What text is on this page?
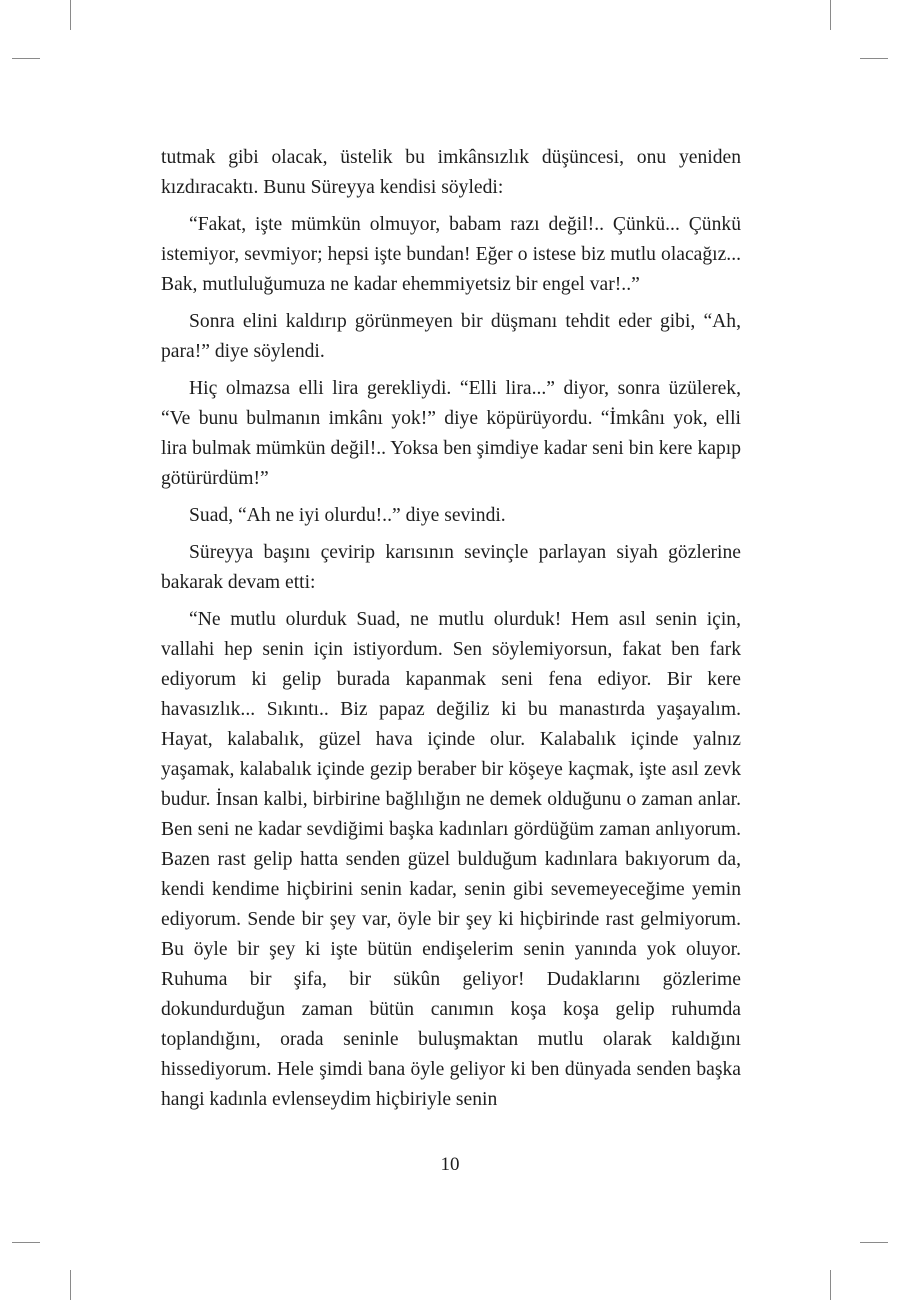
tutmak gibi olacak, üstelik bu imkânsızlık düşüncesi, onu yeniden kızdıracaktı. Bunu Süreyya kendisi söyledi:

“Fakat, işte mümkün olmuyor, babam razı değil!.. Çünkü... Çünkü istemiyor, sevmiyor; hepsi işte bundan! Eğer o istese biz mutlu olacağız... Bak, mutluluğumuza ne kadar ehemmiyetsiz bir engel var!..”

Sonra elini kaldırıp görünmeyen bir düşmanı tehdit eder gibi, “Ah, para!” diye söylendi.

Hiç olmazsa elli lira gerekliydi. “Elli lira...” diyor, sonra üzülerek, “Ve bunu bulmanın imkânı yok!” diye köpürüyordu. “İmkânı yok, elli lira bulmak mümkün değil!.. Yoksa ben şimdiye kadar seni bin kere kapıp götürürdüm!”

Suad, “Ah ne iyi olurdu!..” diye sevindi.

Süreyya başını çevirip karısının sevinçle parlayan siyah gözlerine bakarak devam etti:

“Ne mutlu olurduk Suad, ne mutlu olurduk! Hem asıl senin için, vallahi hep senin için istiyordum. Sen söylemiyorsun, fakat ben fark ediyorum ki gelip burada kapanmak seni fena ediyor. Bir kere havasızlık... Sıkıntı.. Biz papaz değiliz ki bu manastırda yaşayalım. Hayat, kalabalık, güzel hava içinde olur. Kalabalık içinde yalnız yaşamak, kalabalık içinde gezip beraber bir köşeye kaçmak, işte asıl zevk budur. İnsan kalbi, birbirine bağlılığın ne demek olduğunu o zaman anlar. Ben seni ne kadar sevdiğimi başka kadınları gördüğüm zaman anlıyorum. Bazen rast gelip hatta senden güzel bulduğum kadınlara bakıyorum da, kendi kendime hiçbirini senin kadar, senin gibi sevemeyeceğime yemin ediyorum. Sende bir şey var, öyle bir şey ki hiçbirinde rast gelmiyorum. Bu öyle bir şey ki işte bütün endişelerim senin yanında yok oluyor. Ruhuma bir şifa, bir sükûn geliyor! Dudaklarını gözlerime dokundurduğun zaman bütün canımın koşa koşa gelip ruhumda toplandığını, orada seninle buluşmaktan mutlu olarak kaldığını hissediyorum. Hele şimdi bana öyle geliyor ki ben dünyada senden başka hangi kadınla evlenseydim hiçbiriyle senin

10
